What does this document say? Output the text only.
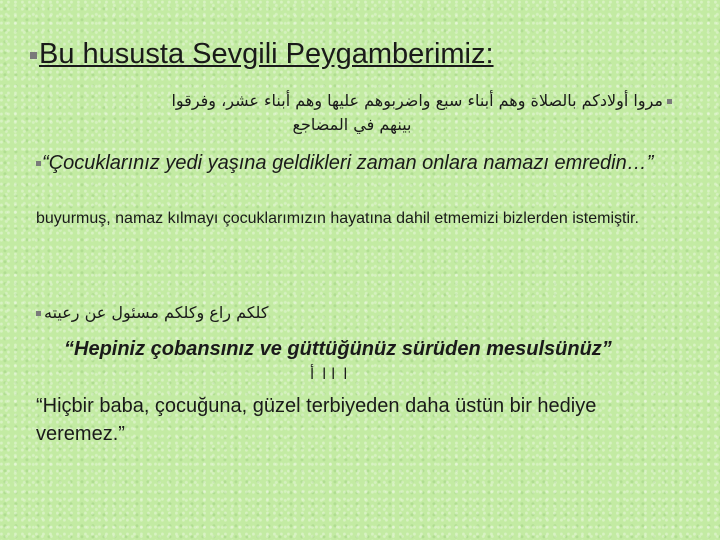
Bu hususta Sevgili Peygamberimiz:
مروا أولادكم بالصلاة وهم أبناء سبع واضربوهم عليها وهم أبناء عشر، وفرقوا
بينهم في المضاجع
“Çocuklarınız yedi yaşına geldikleri zaman onlara namazı emredin…”
buyurmuş, namaz kılmayı çocuklarımızın hayatına dahil etmemizi bizlerden istemiştir.
كلكم راع وكلكم مسئول عن رعيته
“Hepiniz çobansınız ve güttüğünüz sürüden mesulsünüz”
اا اأ
“Hiçbir baba, çocuğuna, güzel terbiyeden daha üstün bir hediye veremez.”
